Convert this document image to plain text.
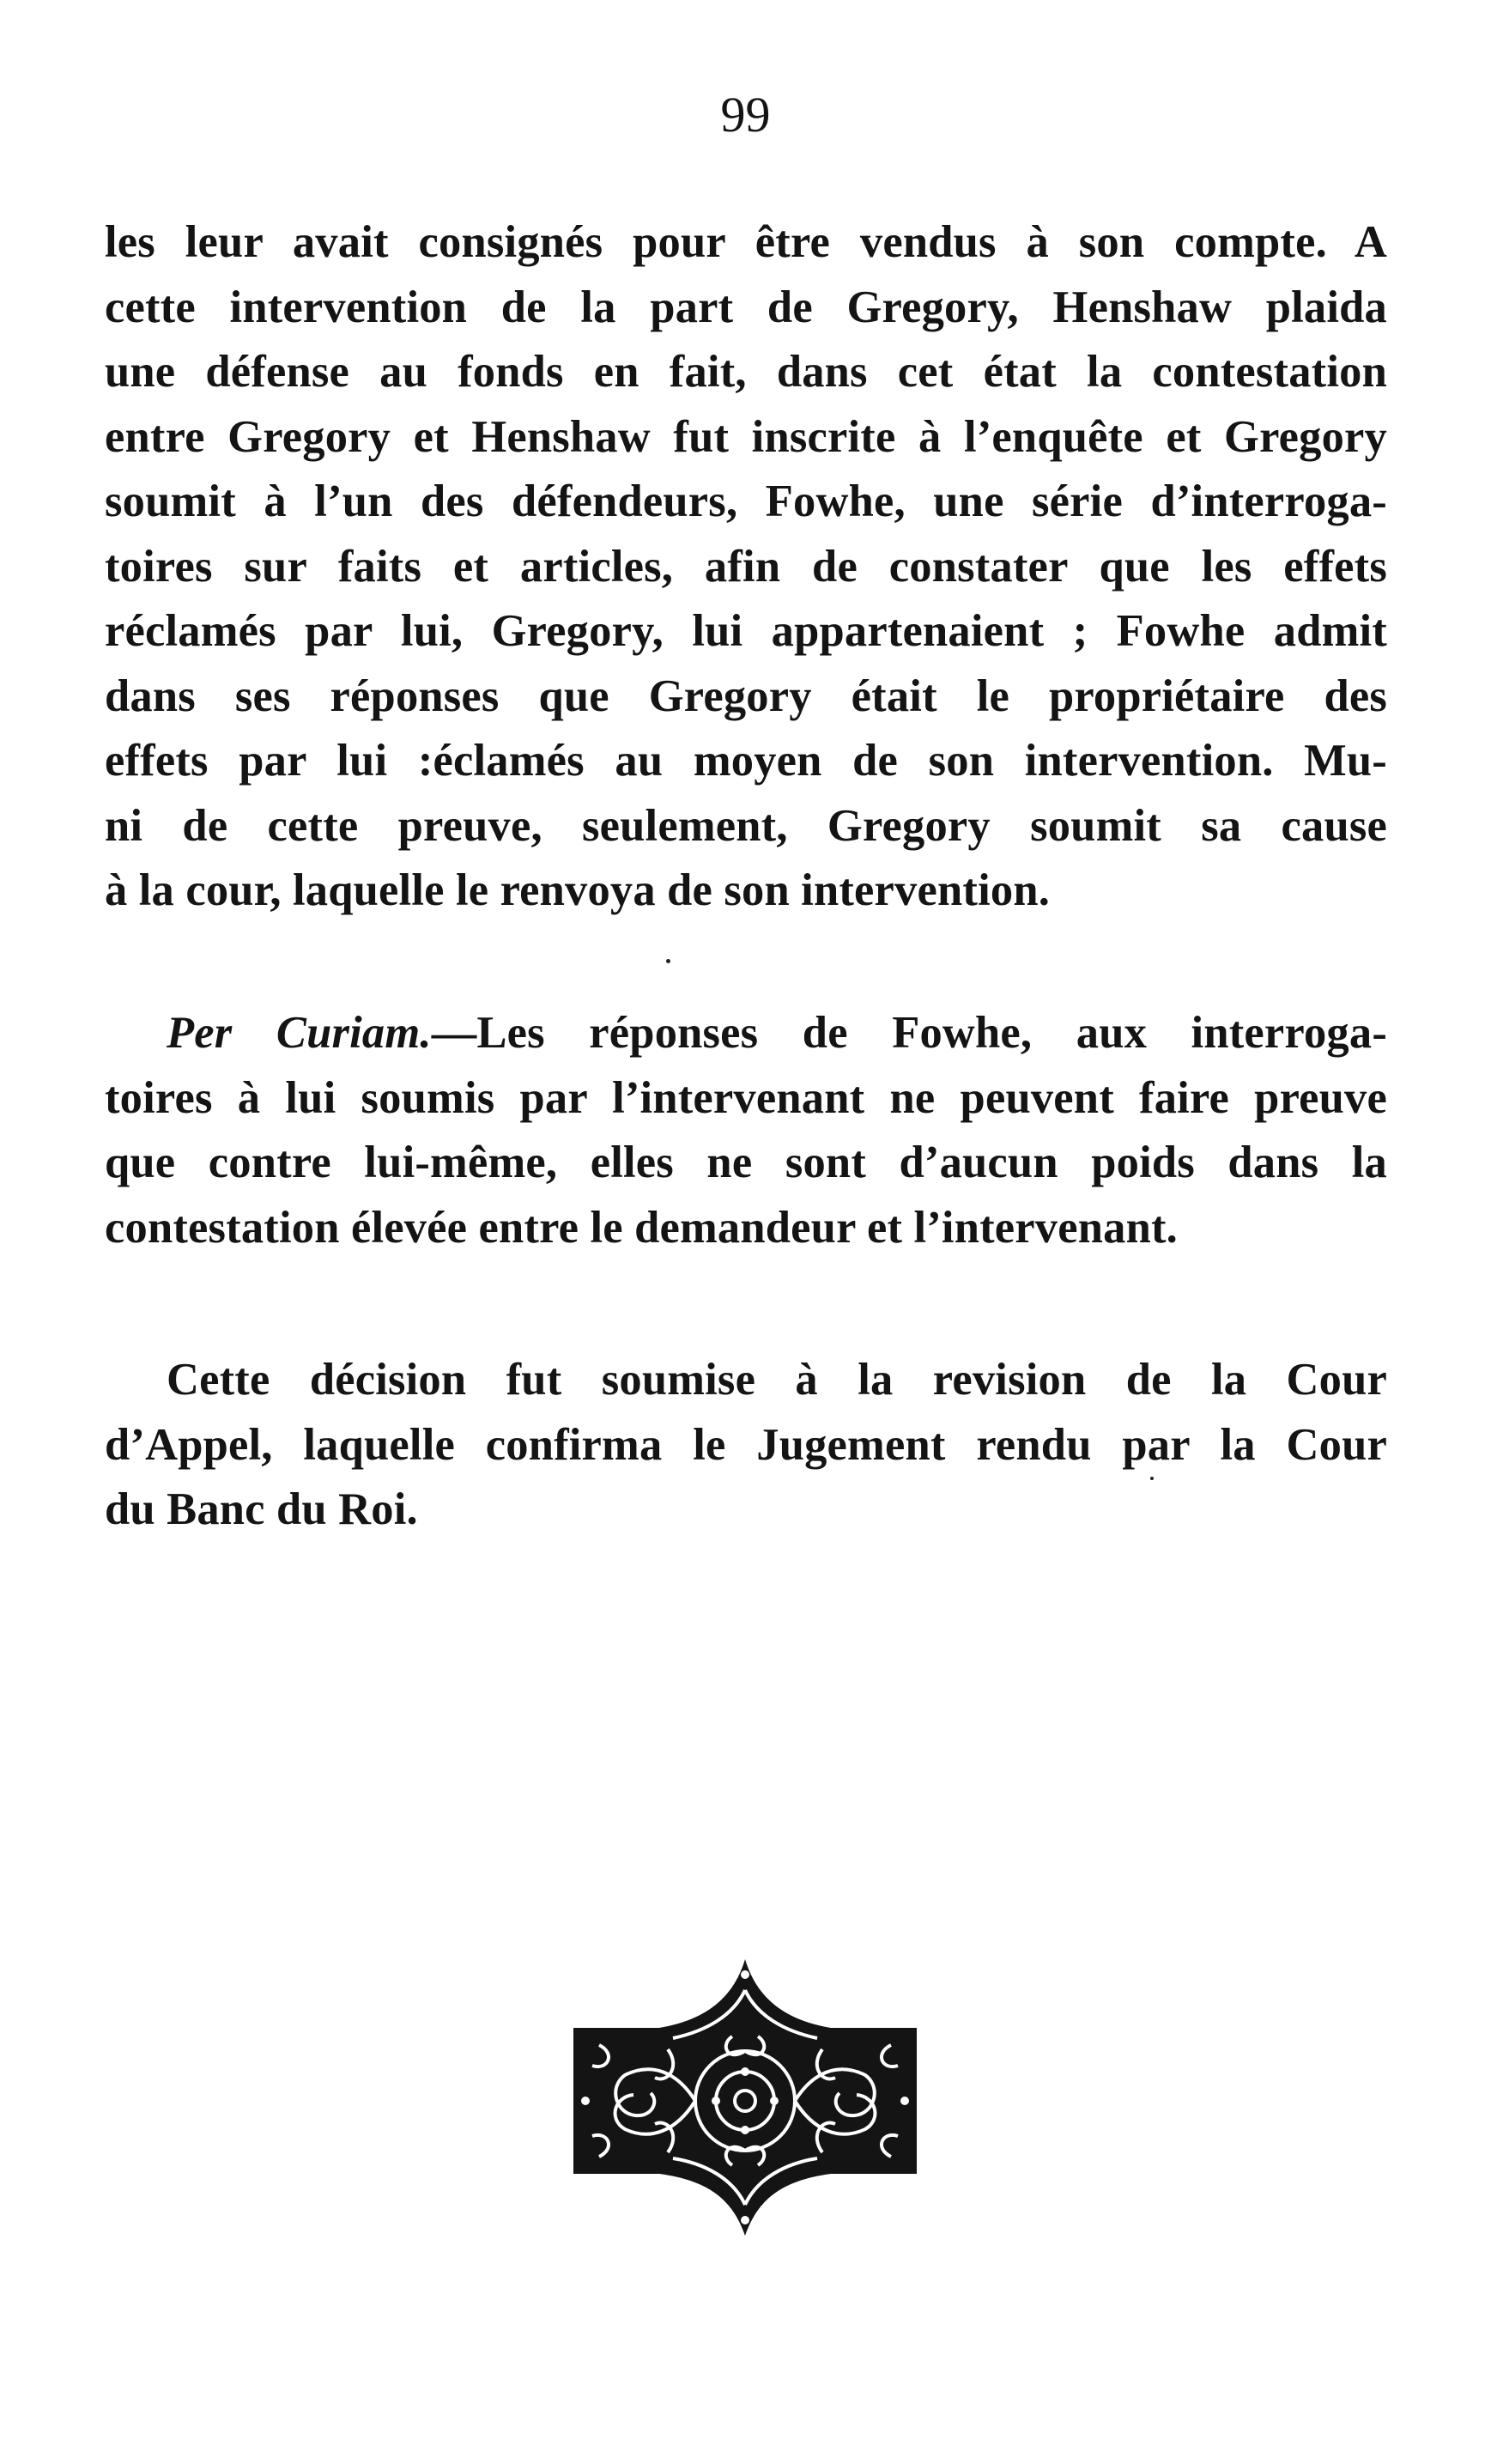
99
les leur avait consignés pour être vendus à son compte. A
cette intervention de la part de Gregory, Henshaw plaida
une défense au fonds en fait, dans cet état la contestation
entre Gregory et Henshaw fut inscrite à l’enquête et Gregory
soumit à l’un des défendeurs, Fowhe, une série d’interroga-
toires sur faits et articles, afin de constater que les effets
réclamés par lui, Gregory, lui appartenaient ; Fowhe admit
dans ses réponses que Gregory était le propriétaire des
effets par lui :éclamés au moyen de son intervention. Mu-
ni de cette preuve, seulement, Gregory soumit sa cause
à la cour, laquelle le renvoya de son intervention.
Per Curiam.—Les réponses de Fowhe, aux interroga-
toires à lui soumis par l’intervenant ne peuvent faire preuve
que contre lui-même, elles ne sont d’aucun poids dans la
contestation élevée entre le demandeur et l’intervenant.
Cette décision fut soumise à la revision de la Cour
d’Appel, laquelle confirma le Jugement rendu par la Cour
du Banc du Roi.
